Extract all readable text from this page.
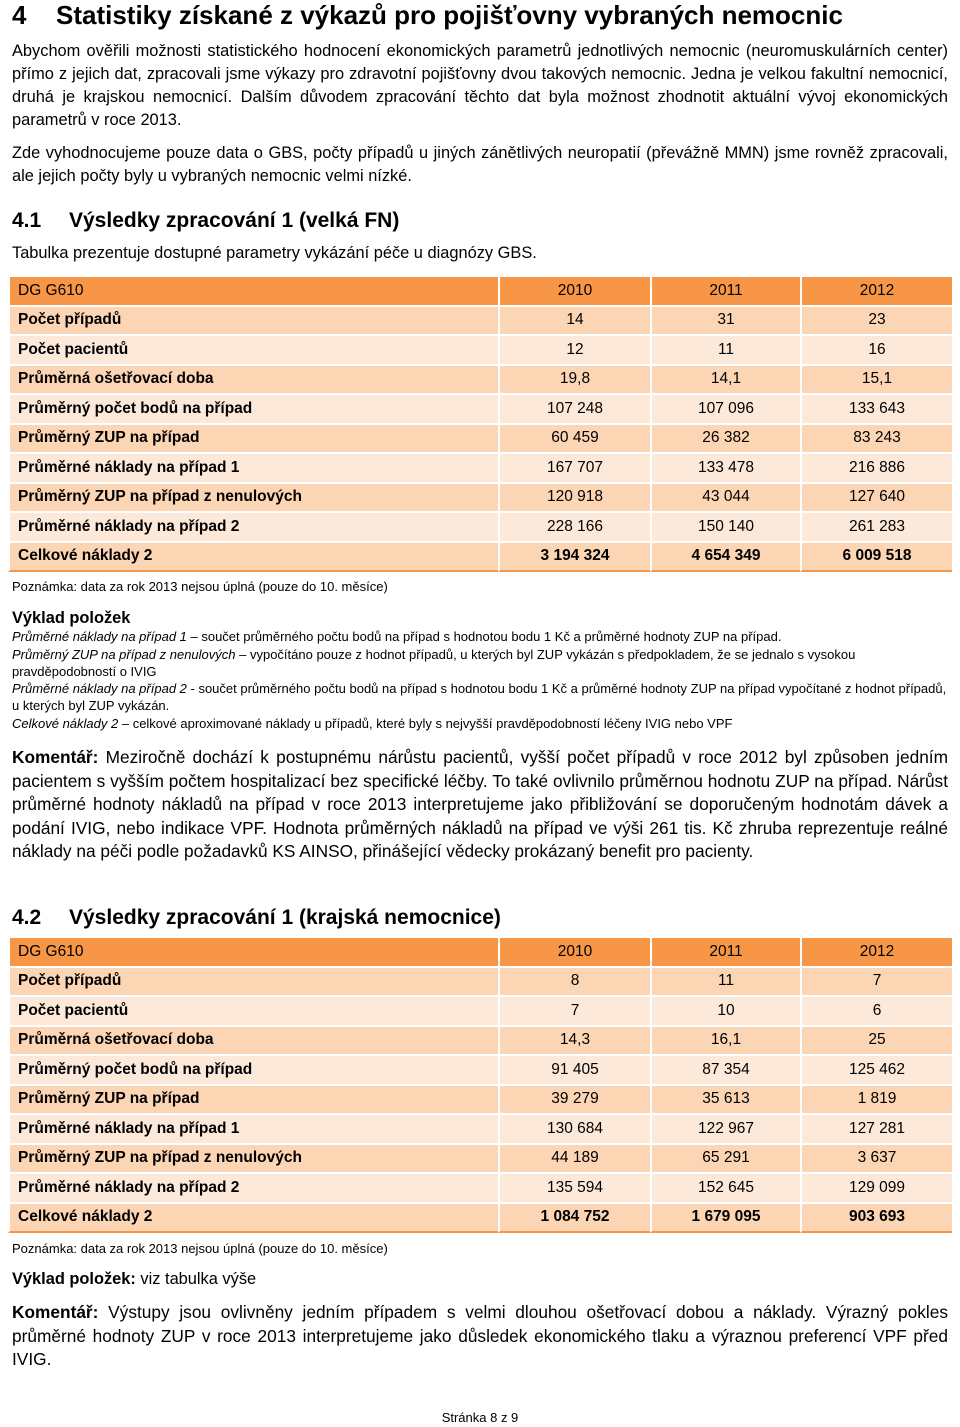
4 Statistiky získané z výkazů pro pojišťovny vybraných nemocnic

Abychom ověřili možnosti statistického hodnocení ekonomických parametrů jednotlivých nemocnic (neuromuskulárních center) přímo z jejich dat, zpracovali jsme výkazy pro zdravotní pojišťovny dvou takových nemocnic. Jedna je velkou fakultní nemocnicí, druhá je krajskou nemocnicí. Dalším důvodem zpracování těchto dat byla možnost zhodnotit aktuální vývoj ekonomických parametrů v roce 2013.

Zde vyhodnocujeme pouze data o GBS, počty případů u jiných zánětlivých neuropatií (převážně MMN) jsme rovněž zpracovali, ale jejich počty byly u vybraných nemocnic velmi nízké.

4.1 Výsledky zpracování 1 (velká FN)

Tabulka prezentuje dostupné parametry vykázání péče u diagnózy GBS.

DG G610	2010	2011	2012
Počet případů	14	31	23
Počet pacientů	12	11	16
Průměrná ošetřovací doba	19,8	14,1	15,1
Průměrný počet bodů na případ	107 248	107 096	133 643
Průměrný ZUP na případ	60 459	26 382	83 243
Průměrné náklady na případ 1	167 707	133 478	216 886
Průměrný ZUP na případ z nenulových	120 918	43 044	127 640
Průměrné náklady na případ 2	228 166	150 140	261 283
Celkové náklady 2	3 194 324	4 654 349	6 009 518

Poznámka: data za rok 2013 nejsou úplná (pouze do 10. měsíce)

Výklad položek

Průměrné náklady na případ 1 – součet průměrného počtu bodů na případ s hodnotou bodu 1 Kč a průměrné hodnoty ZUP na případ.

Průměrný ZUP na případ z nenulových – vypočítáno pouze z hodnot případů, u kterých byl ZUP vykázán s předpokladem, že se jednalo s vysokou pravděpodobností o IVIG

Průměrné náklady na případ 2 - součet průměrného počtu bodů na případ s hodnotou bodu 1 Kč a průměrné hodnoty ZUP na případ vypočítané z hodnot případů, u kterých byl ZUP vykázán.

Celkové náklady 2 – celkové aproximované náklady u případů, které byly s nejvyšší pravděpodobností léčeny IVIG nebo VPF

Komentář: Meziročně dochází k postupnému nárůstu pacientů, vyšší počet případů v roce 2012 byl způsoben jedním pacientem s vyšším počtem hospitalizací bez specifické léčby. To také ovlivnilo průměrnou hodnotu ZUP na případ. Nárůst průměrné hodnoty nákladů na případ v roce 2013 interpretujeme jako přibližování se doporučeným hodnotám dávek a podání IVIG, nebo indikace VPF. Hodnota průměrných nákladů na případ ve výši 261 tis. Kč zhruba reprezentuje reálné náklady na péči podle požadavků KS AINSO, přinášející vědecky prokázaný benefit pro pacienty.

4.2 Výsledky zpracování 1 (krajská nemocnice)
DG G610	2010	2011	2012
Počet případů	8	11	7
Počet pacientů	7	10	6
Průměrná ošetřovací doba	14,3	16,1	25
Průměrný počet bodů na případ	91 405	87 354	125 462
Průměrný ZUP na případ	39 279	35 613	1 819
Průměrné náklady na případ 1	130 684	122 967	127 281
Průměrný ZUP na případ z nenulových	44 189	65 291	3 637
Průměrné náklady na případ 2	135 594	152 645	129 099
Celkové náklady 2	1 084 752	1 679 095	903 693

Poznámka: data za rok 2013 nejsou úplná (pouze do 10. měsíce)

Výklad položek: viz tabulka výše

Komentář: Výstupy jsou ovlivněny jedním případem s velmi dlouhou ošetřovací dobou a náklady. Výrazný pokles průměrné hodnoty ZUP v roce 2013 interpretujeme jako důsledek ekonomického tlaku a výraznou preferencí VPF před IVIG.

Stránka 8 z 9
